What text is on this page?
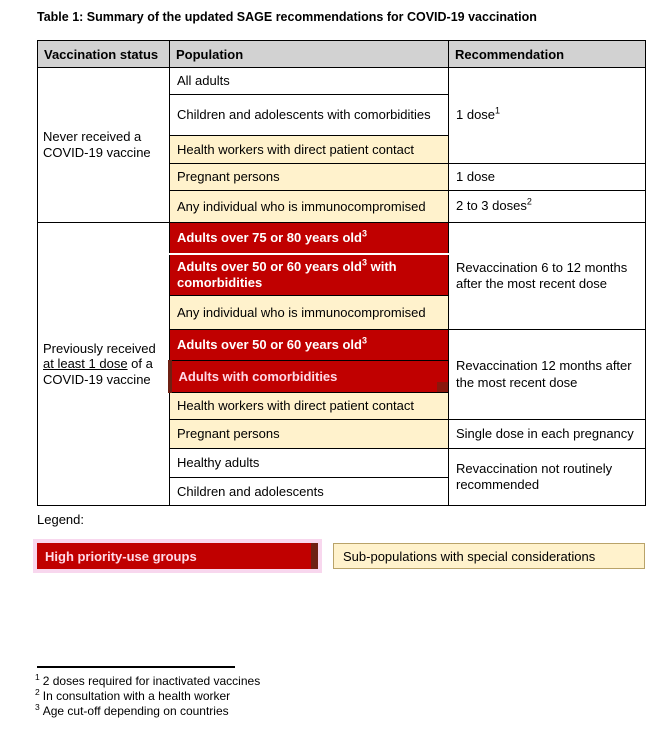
Table 1: Summary of the updated SAGE recommendations for COVID-19 vaccination
Vaccination status	Population	Recommendation
Never received a COVID-19 vaccine	All adults	1 dose$^1$
	Children and adolescents with comorbidities	
	Health workers with direct patient contact	
	Pregnant persons	1 dose
	Any individual who is immunocompromised	2 to 3 doses$^2$
Previously received at least 1 dose of a COVID-19 vaccine	Adults over 75 or 80 years old$^3$	Revaccination 6 to 12 months after the most recent dose
	Adults over 50 or 60 years old$^3$ with comorbidities	
	Any individual who is immunocompromised	
	Adults over 50 or 60 years old$^3$	Revaccination 12 months after the most recent dose
	Adults with comorbidities	

	Health workers with direct patient contact	
	Pregnant persons	Single dose in each pregnancy
	Healthy adults	Revaccination not routinely recommended
	Children and adolescents	
Legend:
High priority-use groups	Sub-populations with special considerations
$^1$ 2 doses required for inactivated vaccines
$^2$ In consultation with a health worker
$^3$ Age cut-off depending on countries
